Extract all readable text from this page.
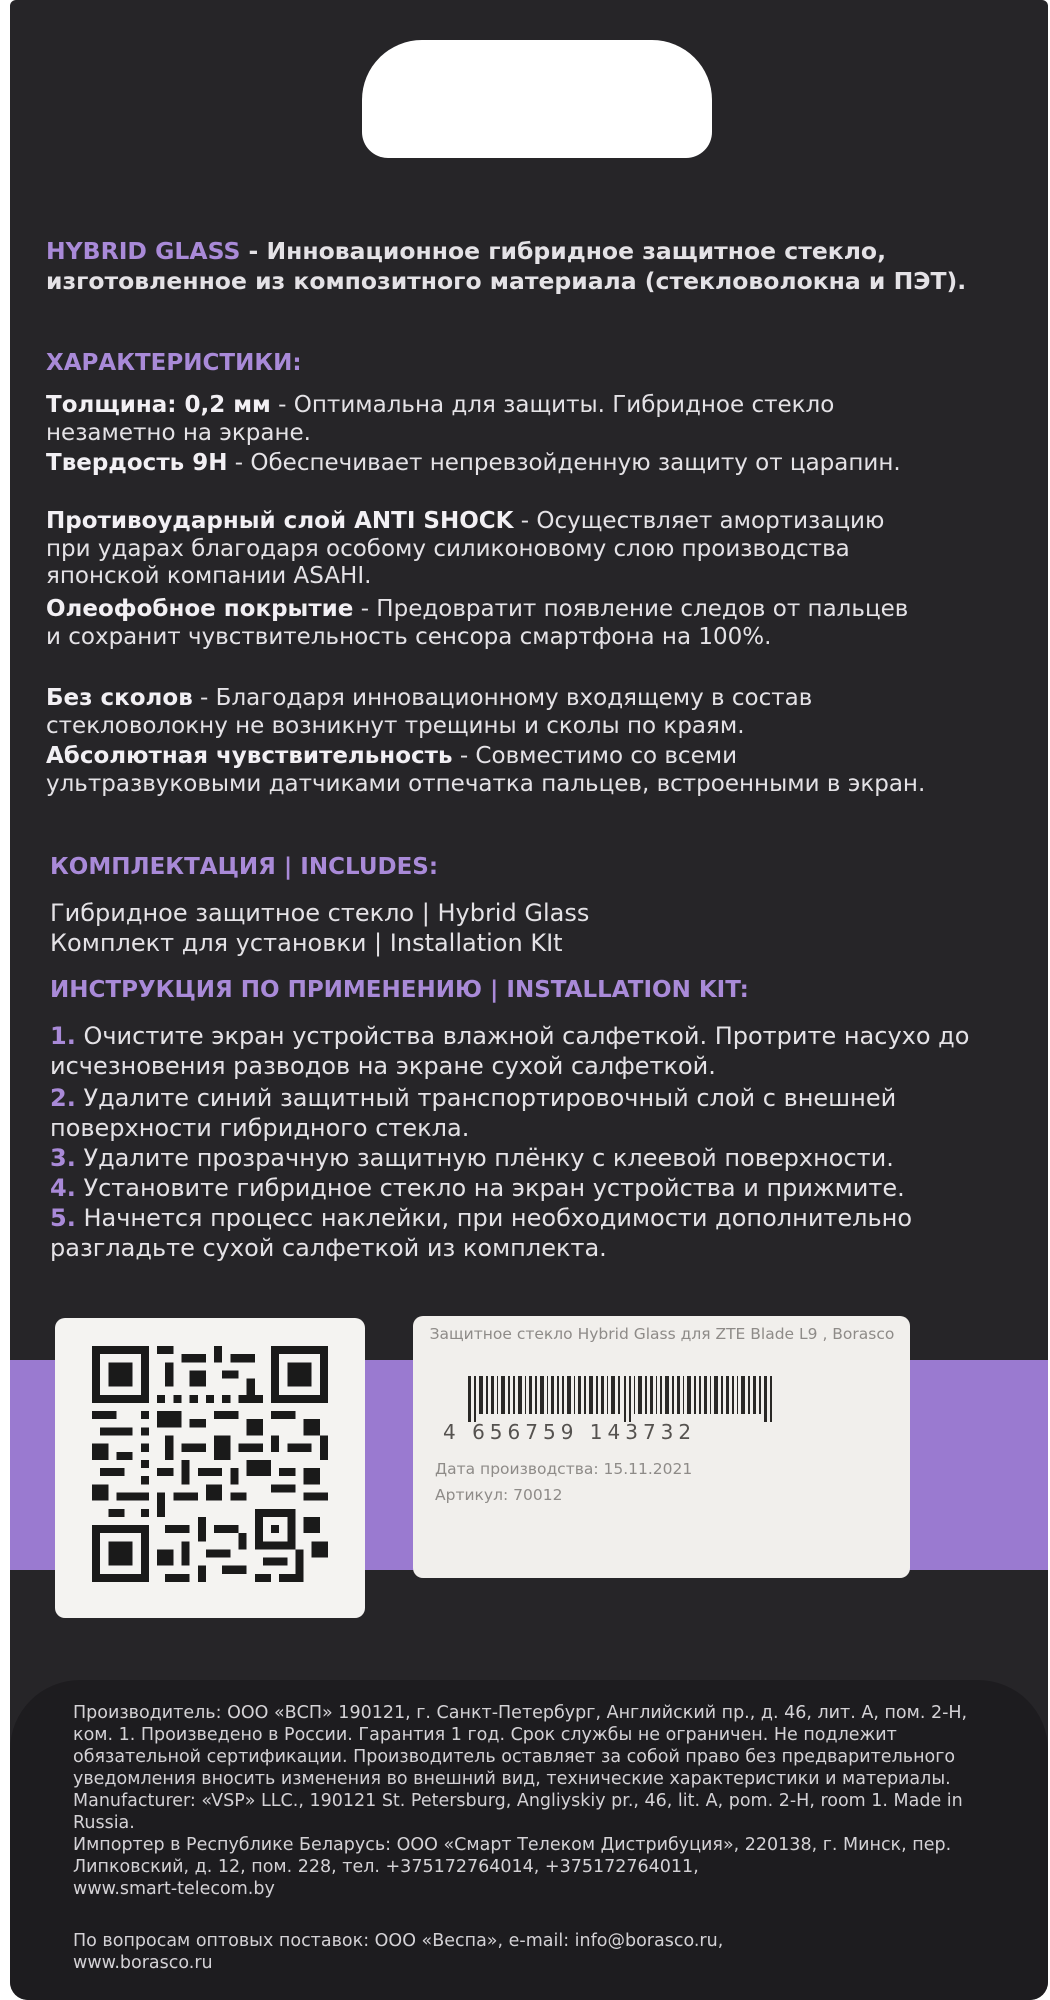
HYBRID GLASS - Инновационное гибридное защитное стекло, изготовленное из композитного материала (стекловолокна и ПЭТ).
ХАРАКТЕРИСТИКИ:
Толщина: 0,2 мм - Оптимальна для защиты. Гибридное стекло незаметно на экране.
Твердость 9Н - Обеспечивает непревзойденную защиту от царапин.
Противоударный слой ANTI SHOCK - Осуществляет амортизацию при ударах благодаря особому силиконовому слою производства японской компании ASAHI.
Олеофобное покрытие - Предовратит появление следов от пальцев и сохранит чувствительность сенсора смартфона на 100%.
Без сколов - Благодаря инновационному входящему в состав стекловолокну не возникнут трещины и сколы по краям.
Абсолютная чувствительность - Совместимо со всеми ультразвуковыми датчиками отпечатка пальцев, встроенными в экран.
КОМПЛЕКТАЦИЯ | INCLUDES:
Гибридное защитное стекло | Hybrid Glass
Комплект для установки | Installation KIt
ИНСТРУКЦИЯ ПО ПРИМЕНЕНИЮ | INSTALLATION KIT:
1. Очистите экран устройства влажной салфеткой. Протрите насухо до исчезновения разводов на экране сухой салфеткой.
2. Удалите синий защитный транспортировочный слой с внешней поверхности гибридного стекла.
3. Удалите прозрачную защитную плёнку с клеевой поверхности.
4. Установите гибридное стекло на экран устройства и прижмите.
5. Начнется процесс наклейки, при необходимости дополнительно разгладьте сухой салфеткой из комплекта.
Защитное стекло Hybrid Glass для ZTE Blade L9 , Borasco
4 656759 143732
Дата производства: 15.11.2021
Артикул: 70012
Производитель: ООО «ВСП» 190121, г. Санкт-Петербург, Английский пр., д. 46, лит. А, пом. 2-Н, ком. 1. Произведено в России. Гарантия 1 год. Срок службы не ограничен. Не подлежит обязательной сертификации. Производитель оставляет за собой право без предварительного уведомления вносить изменения во внешний вид, технические характеристики и материалы. Manufacturer: «VSP» LLC., 190121 St. Petersburg, Angliyskiy pr., 46, lit. A, pom. 2-H, room 1. Made in Russia.
Импортер в Республике Беларусь: ООО «Смарт Телеком Дистрибуция», 220138, г. Минск, пер. Липковский, д. 12, пом. 228, тел. +375172764014, +375172764011,
www.smart-telecom.by
По вопросам оптовых поставок: ООО «Веспа», e-mail: info@borasco.ru,
www.borasco.ru
